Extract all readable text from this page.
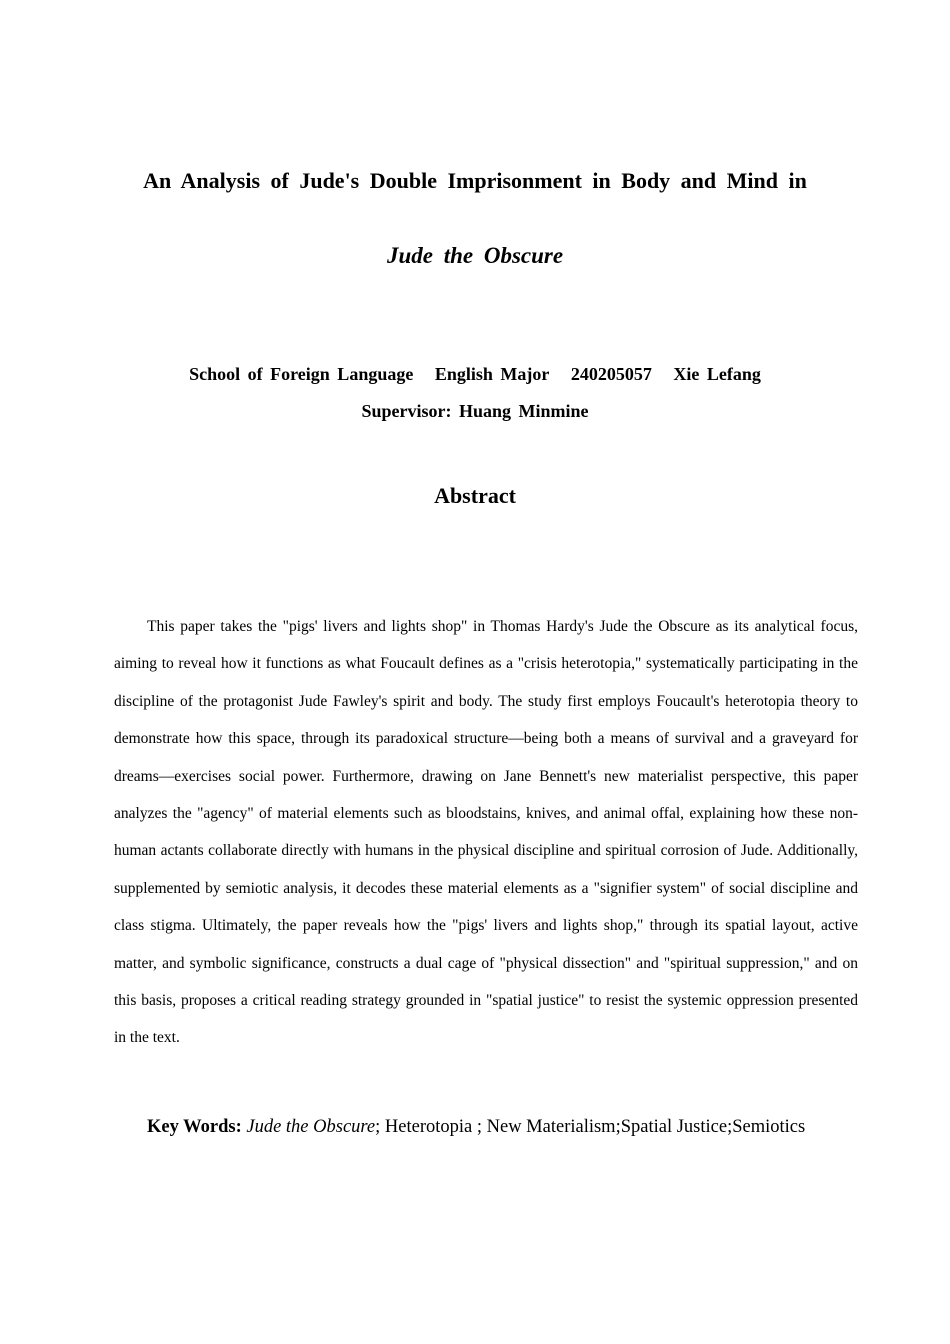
An Analysis of Jude's Double Imprisonment in Body and Mind in
Jude the Obscure
School of Foreign Language English Major 240205057 Xie Lefang
Supervisor: Huang Minmine
Abstract

This paper takes the "pigs' livers and lights shop" in Thomas Hardy's Jude the Obscure as its analytical focus, aiming to reveal how it functions as what Foucault defines as a "crisis heterotopia," systematically participating in the discipline of the protagonist Jude Fawley's spirit and body. The study first employs Foucault's heterotopia theory to demonstrate how this space, through its paradoxical structure—being both a means of survival and a graveyard for dreams—exercises social power. Furthermore, drawing on Jane Bennett's new materialist perspective, this paper analyzes the "agency" of material elements such as bloodstains, knives, and animal offal, explaining how these non-human actants collaborate directly with humans in the physical discipline and spiritual corrosion of Jude. Additionally, supplemented by semiotic analysis, it decodes these material elements as a "signifier system" of social discipline and class stigma. Ultimately, the paper reveals how the "pigs' livers and lights shop," through its spatial layout, active matter, and symbolic significance, constructs a dual cage of "physical dissection" and "spiritual suppression," and on this basis, proposes a critical reading strategy grounded in "spatial justice" to resist the systemic oppression presented in the text.

Key Words: Jude the Obscure; Heterotopia ; New Materialism;Spatial Justice;Semiotics
